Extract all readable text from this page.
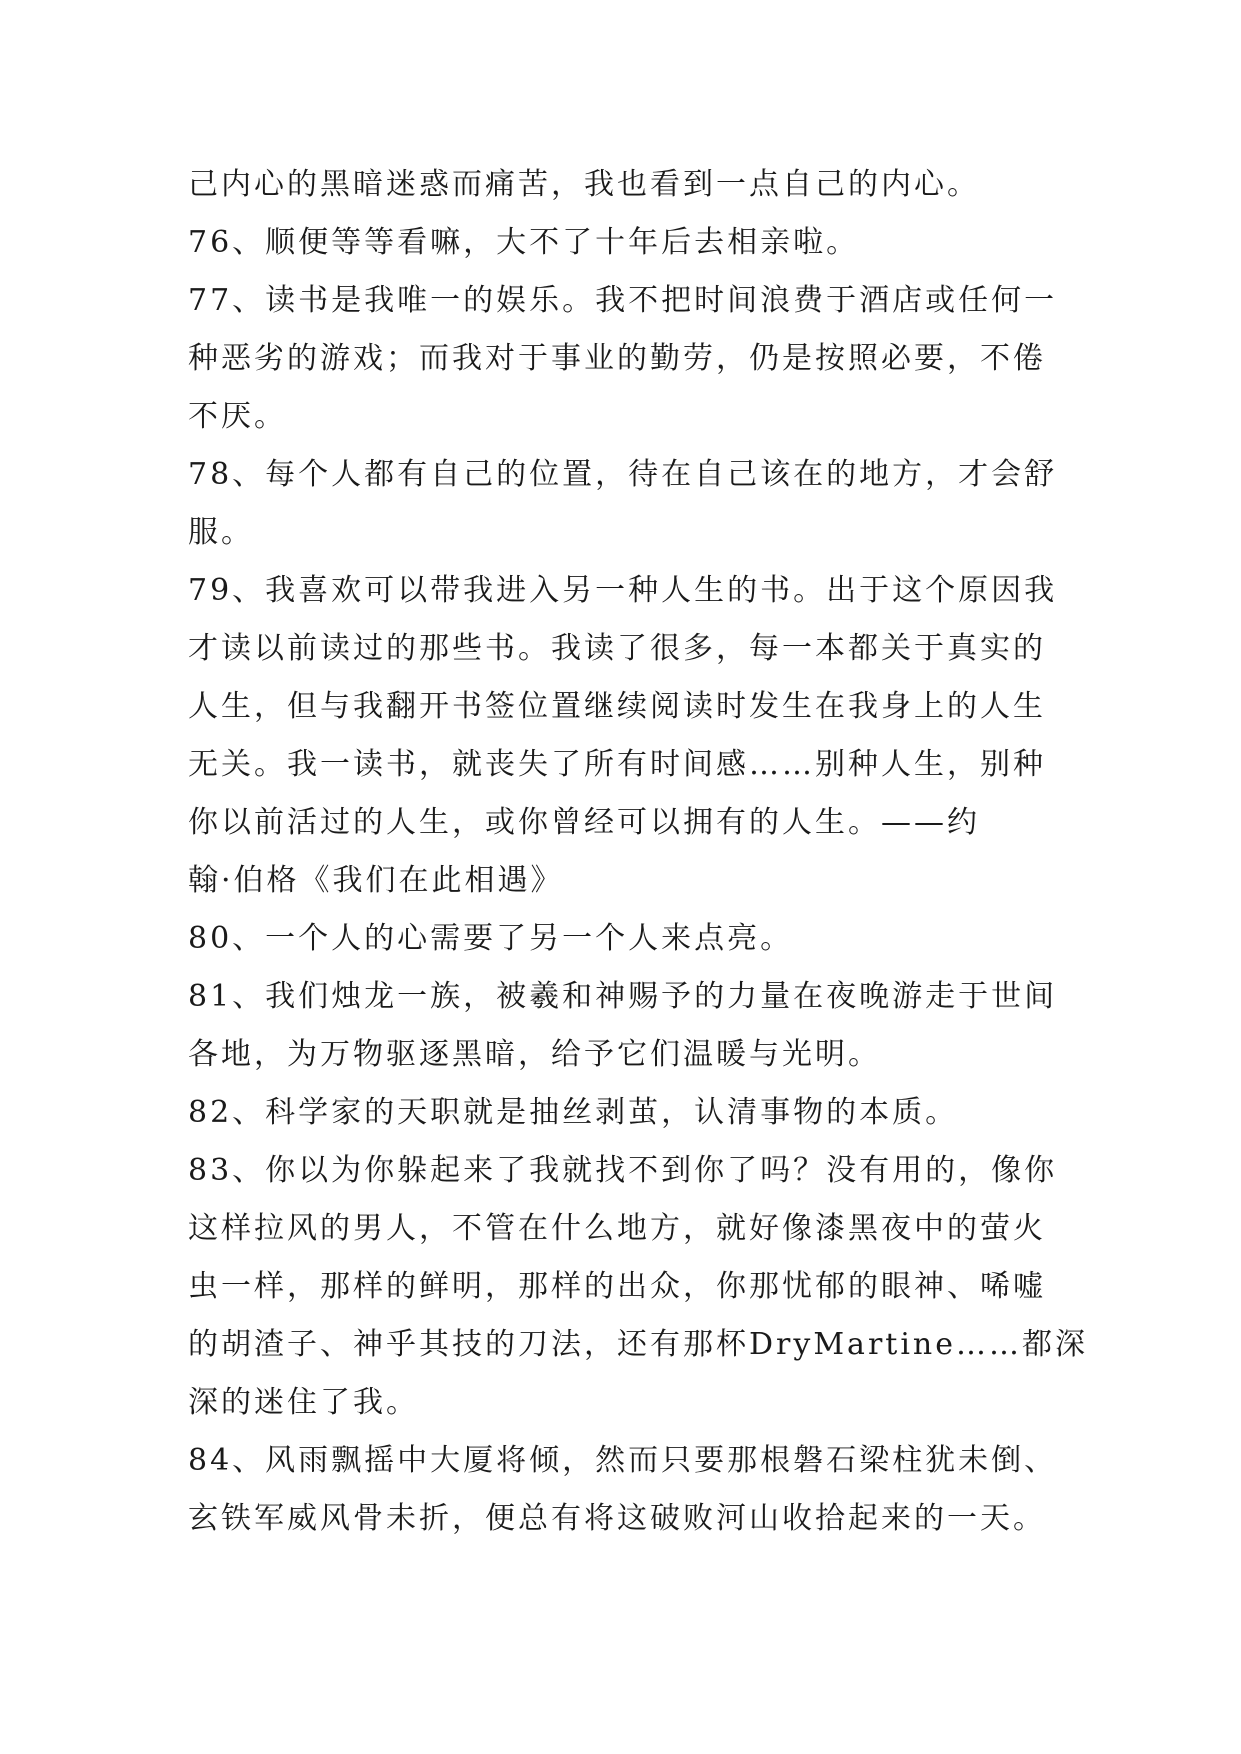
己内心的黑暗迷惑而痛苦，我也看到一点自己的内心。
76、顺便等等看嘛，大不了十年后去相亲啦。
77、读书是我唯一的娱乐。我不把时间浪费于酒店或任何一
种恶劣的游戏；而我对于事业的勤劳，仍是按照必要，不倦
不厌。
78、每个人都有自己的位置，待在自己该在的地方，才会舒
服。
79、我喜欢可以带我进入另一种人生的书。出于这个原因我
才读以前读过的那些书。我读了很多，每一本都关于真实的
人生，但与我翻开书签位置继续阅读时发生在我身上的人生
无关。我一读书，就丧失了所有时间感……别种人生，别种
你以前活过的人生，或你曾经可以拥有的人生。——约
翰·伯格《我们在此相遇》
80、一个人的心需要了另一个人来点亮。
81、我们烛龙一族，被羲和神赐予的力量在夜晚游走于世间
各地，为万物驱逐黑暗，给予它们温暖与光明。
82、科学家的天职就是抽丝剥茧，认清事物的本质。
83、你以为你躲起来了我就找不到你了吗？没有用的，像你
这样拉风的男人，不管在什么地方，就好像漆黑夜中的萤火
虫一样，那样的鲜明，那样的出众，你那忧郁的眼神、唏嘘
的胡渣子、神乎其技的刀法，还有那杯DryMartine……都深
深的迷住了我。
84、风雨飘摇中大厦将倾，然而只要那根磐石梁柱犹未倒、
玄铁军威风骨未折，便总有将这破败河山收拾起来的一天。
